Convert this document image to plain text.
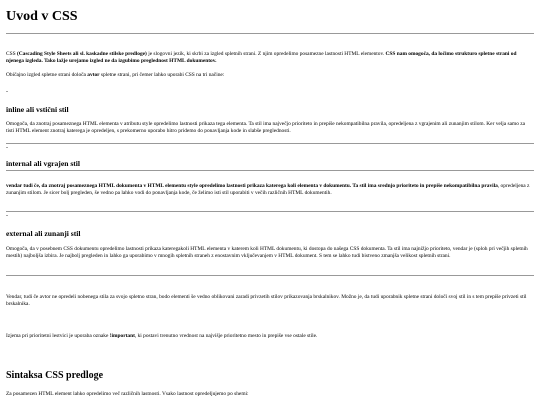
Uvod v CSS

CSS (Cascading Style Sheets ali sl. kaskadne stilske predloge) je slogovni jezik, ki skrbi za izgled spletnih strani. Z njim opredelimo posamezne lastnosti HTML elementov. CSS nam omogoča, da ločimo strukturo spletne strani od njenega izgleda. Tako lažje urejamo izgled ne da izgubimo preglednost HTML dokumentov.

Običajno izgled spletne strani določa avtor spletne strani, pri čemer lahko uporabi CSS na tri načine:

-
inline ali vstični stil

Omogoča, da znotraj posameznega HTML elementa v atributu style opredelimo lastnosti prikaza tega elementa. Ta stil ima največjo prioriteto in prepiše nekompatibilna pravila, opredeljena z vgrajenim ali zunanjim stilom. Ker velja samo za tisti HTML element znotraj katerega je opredeljen, s prekomerno uporabo hitro pridemo do ponavljanja kode in slabše preglednosti.

-
internal ali vgrajen stil

vendar tudi če, da znotraj posameznega HTML dokumenta v HTML elementu style opredelimo lastnosti prikaza katerega koli elementa v dokumentu. Ta stil ima srednjo prioriteto in prepiše nekompatibilna pravila, opredeljena z zunanjim stilom. Je sicer bolj pregleden, še vedno pa lahko vodi do ponavljanja kode, če želimo isti stil uporabiti v večih različnih HTML dokumentih.

-
external ali zunanji stil

Omogoča, da v posebnem CSS dokumentu opredelimo lastnosti prikaza kateregakoli HTML elementa v katerem koli HTML dokumentu, ki dostopa do našega CSS dokumenta. Ta stil ima najnižjo prioriteto, vendar je (sploh pri večjih spletnih mestih) najboljša izbira. Je najbolj pregleden in lahko ga uporabimo v mnogih spletnih straneh z enostavnim vključevanjem v HTML dokument. S tem se lahko tudi bistveno zmanjša velikost spletnih strani.

Vendar, tudi če avtor ne opredeli nobenega stila za svojo spletno stran, bodo elementi še vedno oblikovani zaradi privzetih stilov prikazovanja brskalnikov. Možno je, da tudi uporabnik spletne strani določi svoj stil in s tem prepiše privzeti stil brskalnika.

Izjema pri prioritetni lestvici je uporaba oznake !important, ki postavi trenutno vrednost na najvišje prioritetno mesto in prepiše vse ostale stile.

Sintaksa CSS predloge

Za posamezen HTML element lahko opredelimo več različnih lastnosti. Vsako lastnost opredeljujemo po shemi:
